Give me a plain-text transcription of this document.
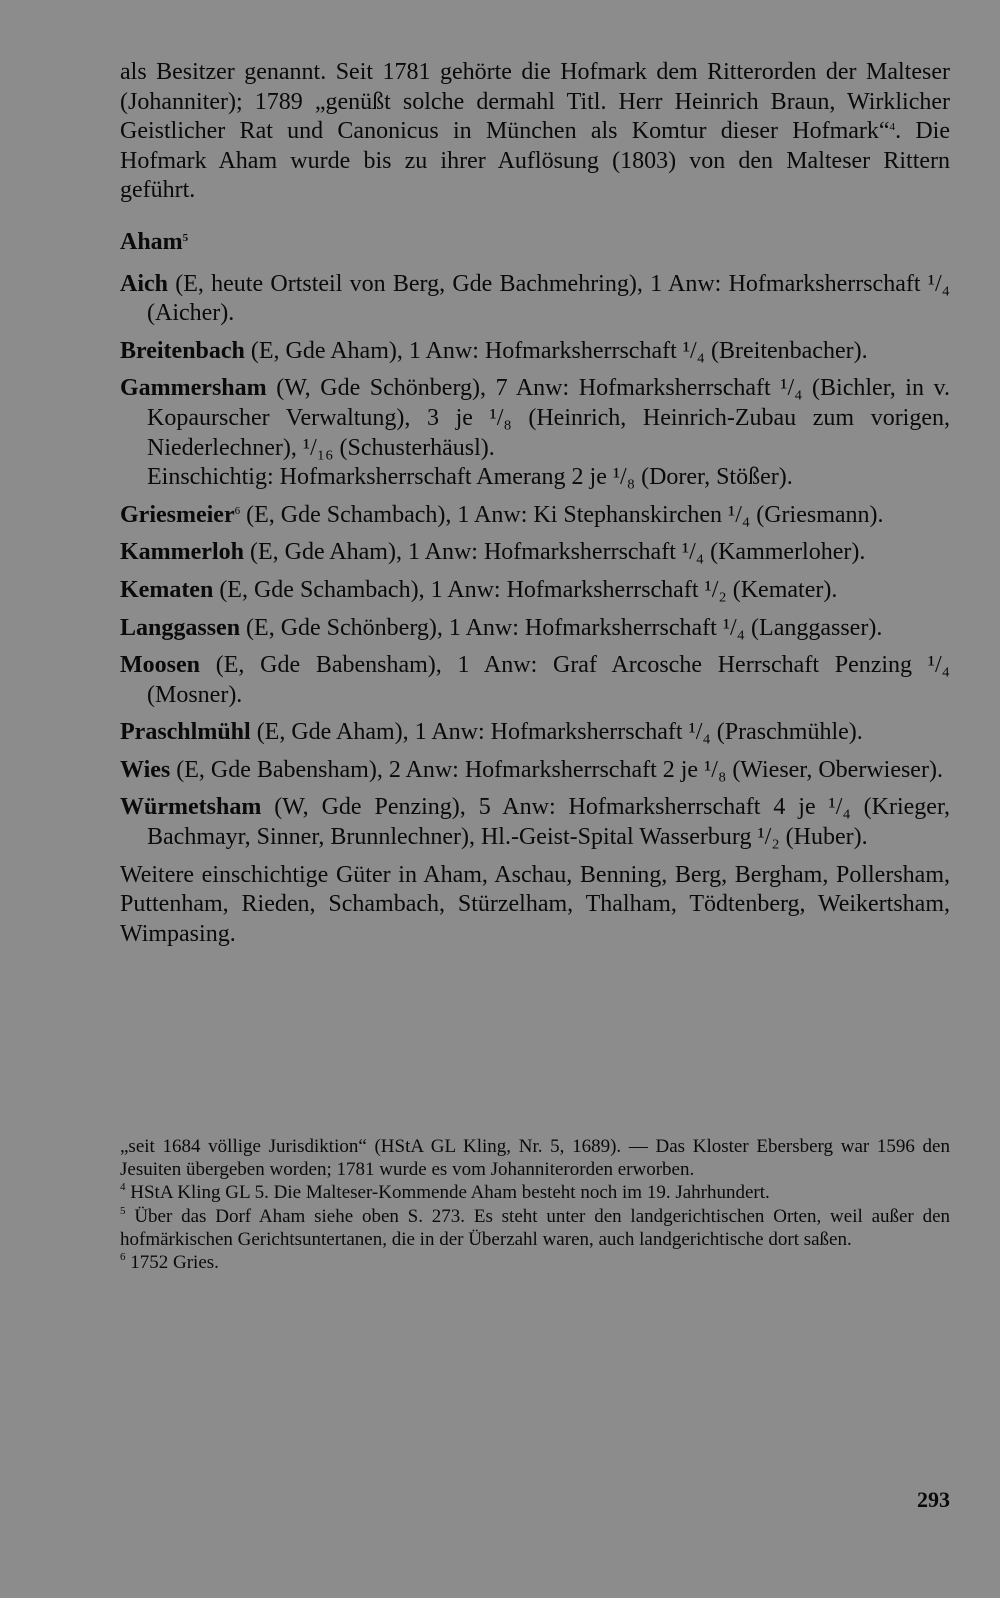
als Besitzer genannt. Seit 1781 gehörte die Hofmark dem Ritterorden der Malteser (Johanniter); 1789 „genüßt solche dermahl Titl. Herr Heinrich Braun, Wirklicher Geistlicher Rat und Canonicus in München als Komtur dieser Hofmark“$^4$. Die Hofmark Aham wurde bis zu ihrer Auflösung (1803) von den Malteser Rittern geführt.

Aham$^5$

Aich (E, heute Ortsteil von Berg, Gde Bachmehring), 1 Anw: Hofmarksherrschaft ¹/₄ (Aicher).

Breitenbach (E, Gde Aham), 1 Anw: Hofmarksherrschaft ¹/₄ (Breitenbacher).

Gammersham (W, Gde Schönberg), 7 Anw: Hofmarksherrschaft ¹/₄ (Bichler, in v. Kopaurscher Verwaltung), 3 je ¹/₈ (Heinrich, Heinrich-Zubau zum vorigen, Niederlechner), ¹/₁₆ (Schusterhäusl).

Einschichtig: Hofmarksherrschaft Amerang 2 je ¹/₈ (Dorer, Stößer).

Griesmeier$^6$ (E, Gde Schambach), 1 Anw: Ki Stephanskirchen ¹/₄ (Griesmann).

Kammerloh (E, Gde Aham), 1 Anw: Hofmarksherrschaft ¹/₄ (Kammerloher).

Kematen (E, Gde Schambach), 1 Anw: Hofmarksherrschaft ¹/₂ (Kemater).

Langgassen (E, Gde Schönberg), 1 Anw: Hofmarksherrschaft ¹/₄ (Langgasser).

Moosen (E, Gde Babensham), 1 Anw: Graf Arcosche Herrschaft Penzing ¹/₄ (Mosner).

Praschlmühl (E, Gde Aham), 1 Anw: Hofmarksherrschaft ¹/₄ (Praschmühle).

Wies (E, Gde Babensham), 2 Anw: Hofmarksherrschaft 2 je ¹/₈ (Wieser, Oberwieser).

Würmetsham (W, Gde Penzing), 5 Anw: Hofmarksherrschaft 4 je ¹/₄ (Krieger, Bachmayr, Sinner, Brunnlechner), Hl.-Geist-Spital Wasserburg ¹/₂ (Huber).

Weitere einschichtige Güter in Aham, Aschau, Benning, Berg, Bergham, Pollersham, Puttenham, Rieden, Schambach, Stürzelham, Thalham, Tödtenberg, Weikertsham, Wimpasing.

„seit 1684 völlige Jurisdiktion“ (HStA GL Kling, Nr. 5, 1689). — Das Kloster Ebersberg war 1596 den Jesuiten übergeben worden; 1781 wurde es vom Johanniterorden erworben.

$^4$ HStA Kling GL 5. Die Malteser-Kommende Aham besteht noch im 19. Jahrhundert.

$^5$ Über das Dorf Aham siehe oben S. 273. Es steht unter den landgerichtischen Orten, weil außer den hofmärkischen Gerichtsuntertanen, die in der Überzahl waren, auch landgerichtische dort saßen.

$^6$ 1752 Gries.

293
